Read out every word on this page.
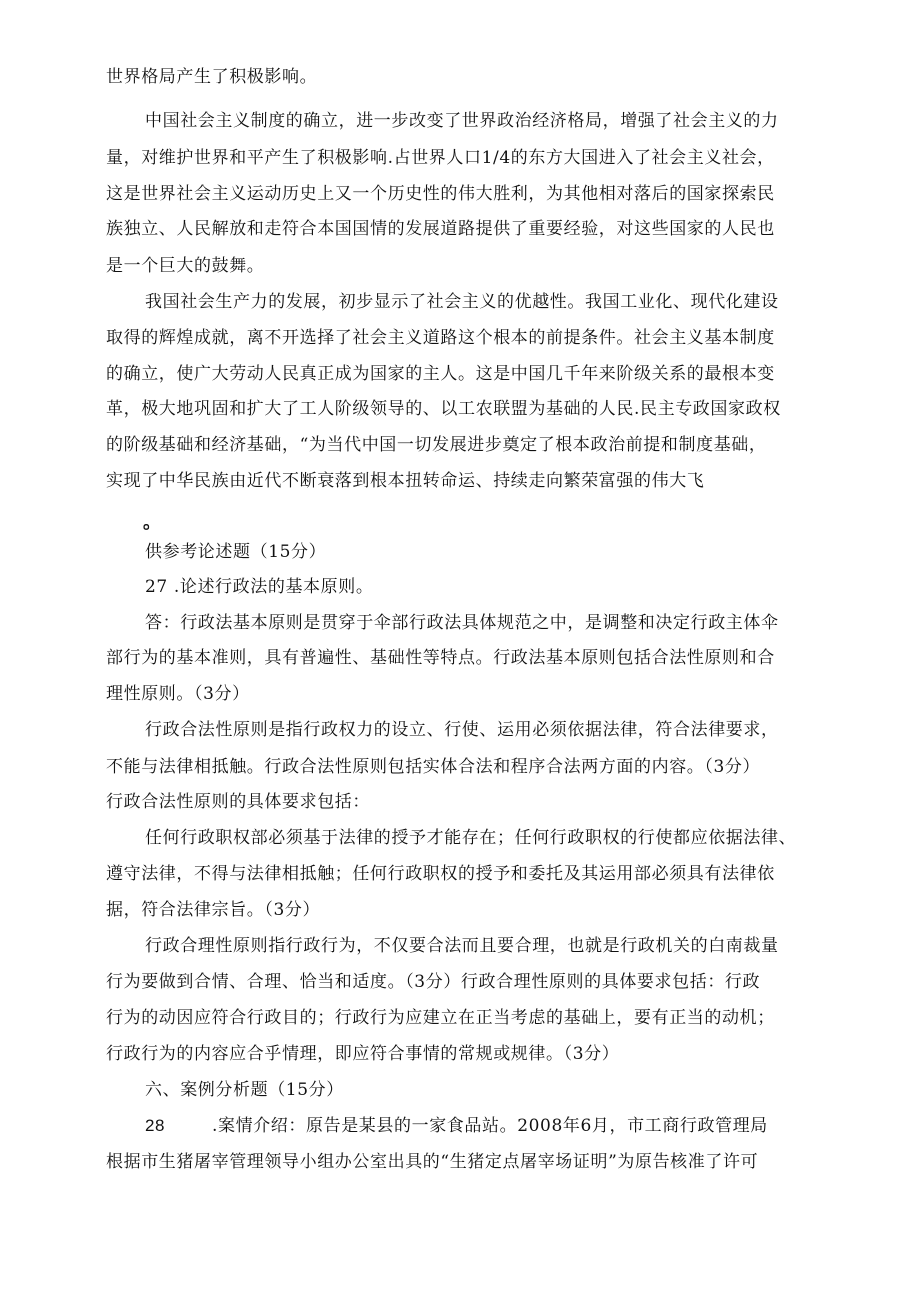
世界格局产生了积极影响。
中国社会主义制度的确立，进一步改变了世界政治经济格局，增强了社会主义的力
量，对维护世界和平产生了积极影响.占世界人口1/4的东方大国进入了社会主义社会，
这是世界社会主义运动历史上又一个历史性的伟大胜利，为其他相对落后的国家探索民
族独立、人民解放和走符合本国国情的发展道路提供了重要经验，对这些国家的人民也
是一个巨大的鼓舞。
我国社会生产力的发展，初步显示了社会主义的优越性。我国工业化、现代化建设
取得的辉煌成就，离不开选择了社会主义道路这个根本的前提条件。社会主义基本制度
的确立，使广大劳动人民真正成为国家的主人。这是中国几千年来阶级关系的最根本变
革，极大地巩固和扩大了工人阶级领导的、以工农联盟为基础的人民.民主专政国家政权
的阶级基础和经济基础，“为当代中国一切发展进步奠定了根本政治前提和制度基础，
实现了中华民族由近代不断衰落到根本扭转命运、持续走向繁荣富强的伟大飞
。
供参考论述题（15分）
27 .论述行政法的基本原则。
答：行政法基本原则是贯穿于伞部行政法具体规范之中，是调整和决定行政主体伞
部行为的基本准则，具有普遍性、基础性等特点。行政法基本原则包括合法性原则和合
理性原则。（3分）
行政合法性原则是指行政权力的设立、行使、运用必须依据法律，符合法律要求，
不能与法律相抵触。行政合法性原则包括实体合法和程序合法两方面的内容。（3分）
行政合法性原则的具体要求包括：
任何行政职权部必须基于法律的授予才能存在；任何行政职权的行使都应依据法律、
遵守法律，不得与法律相抵触；任何行政职权的授予和委托及其运用部必须具有法律依
据，符合法律宗旨。（3分）
行政合理性原则指行政行为，不仅要合法而且要合理，也就是行政机关的白南裁量
行为要做到合情、合理、恰当和适度。（3分）行政合理性原则的具体要求包括：行政
行为的动因应符合行政目的；行政行为应建立在正当考虑的基础上，要有正当的动机；
行政行为的内容应合乎情理，即应符合事情的常规或规律。（3分）
六、案例分析题（15分）
28	.案情介绍：原告是某县的一家食品站。2008年6月，市工商行政管理局
根据市生猪屠宰管理领导小组办公室出具的“生猪定点屠宰场证明”为原告核准了许可
